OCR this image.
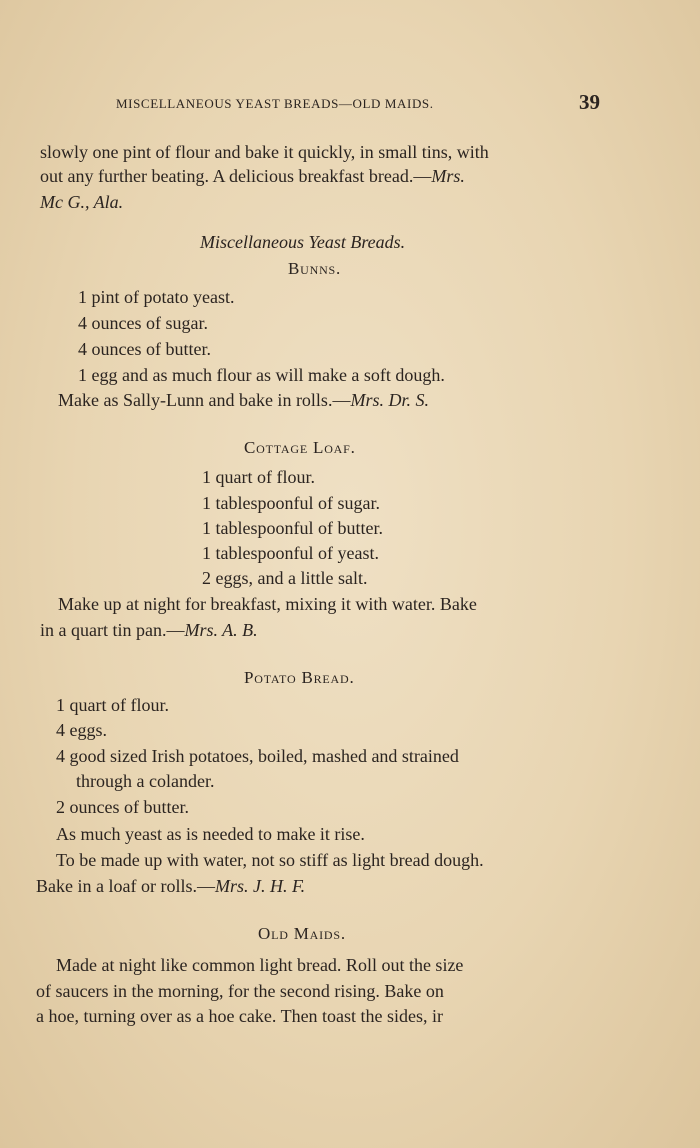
MISCELLANEOUS YEAST BREADS—OLD MAIDS.	39
slowly one pint of flour and bake it quickly, in small tins, with
out any further beating. A delicious breakfast bread.—Mrs.
Mc G., Ala.
Miscellaneous Yeast Breads.
Bunns.
1 pint of potato yeast.
4 ounces of sugar.
4 ounces of butter.
1 egg and as much flour as will make a soft dough.
Make as Sally-Lunn and bake in rolls.—Mrs. Dr. S.
Cottage Loaf.
1 quart of flour.
1 tablespoonful of sugar.
1 tablespoonful of butter.
1 tablespoonful of yeast.
2 eggs, and a little salt.
Make up at night for breakfast, mixing it with water. Bake
in a quart tin pan.—Mrs. A. B.
Potato Bread.
1 quart of flour.
4 eggs.
4 good sized Irish potatoes, boiled, mashed and strained
through a colander.
2 ounces of butter.
As much yeast as is needed to make it rise.
To be made up with water, not so stiff as light bread dough.
Bake in a loaf or rolls.—Mrs. J. H. F.
Old Maids.
Made at night like common light bread. Roll out the size
of saucers in the morning, for the second rising. Bake on
a hoe, turning over as a hoe cake. Then toast the sides, ir
